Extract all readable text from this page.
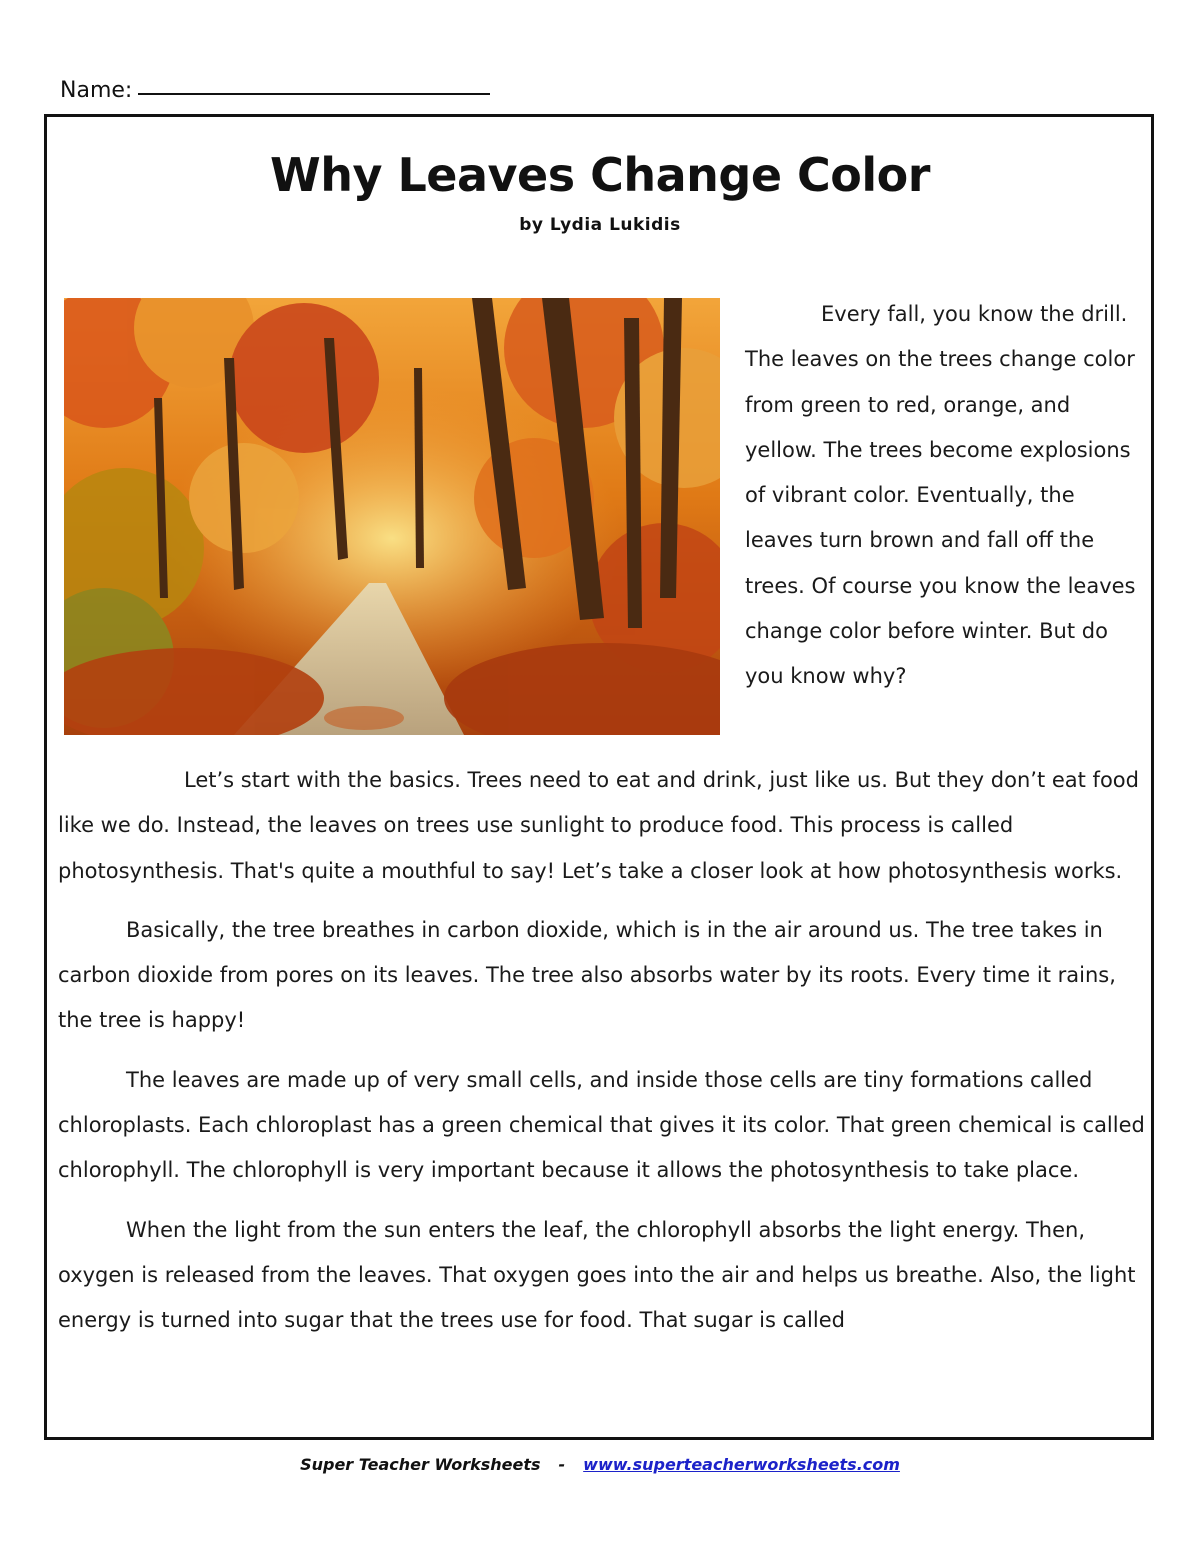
Name:
Why Leaves Change Color
by Lydia Lukidis

Every fall, you know the drill. The leaves on the trees change color from green to red, orange, and yellow. The trees become explosions of vibrant color. Eventually, the leaves turn brown and fall off the trees. Of course you know the leaves change color before winter. But do you know why?

Let’s start with the basics. Trees need to eat and drink, just like us. But they don’t eat food like we do. Instead, the leaves on trees use sunlight to produce food. This process is called photosynthesis. That's quite a mouthful to say! Let’s take a closer look at how photosynthesis works.

Basically, the tree breathes in carbon dioxide, which is in the air around us. The tree takes in carbon dioxide from pores on its leaves. The tree also absorbs water by its roots. Every time it rains, the tree is happy!

The leaves are made up of very small cells, and inside those cells are tiny formations called chloroplasts. Each chloroplast has a green chemical that gives it its color. That green chemical is called chlorophyll. The chlorophyll is very important because it allows the photosynthesis to take place.

When the light from the sun enters the leaf, the chlorophyll absorbs the light energy. Then, oxygen is released from the leaves. That oxygen goes into the air and helps us breathe. Also, the light energy is turned into sugar that the trees use for food. That sugar is called

Super Teacher Worksheets - www.superteacherworksheets.com
